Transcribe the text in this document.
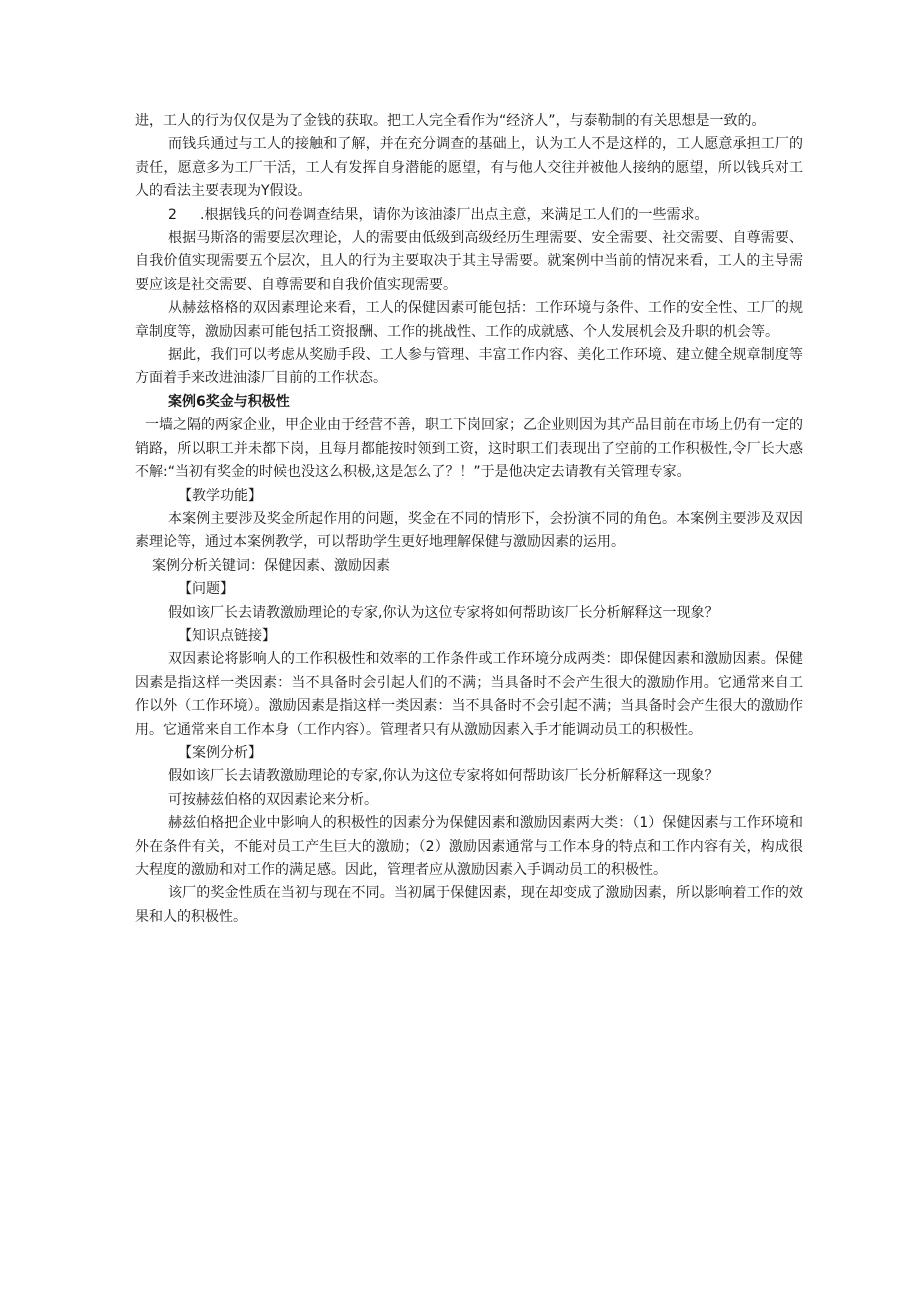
进，工人的行为仅仅是为了金钱的获取。把工人完全看作为“经济人”，与泰勒制的有关思想是一致的。

而钱兵通过与工人的接触和了解，并在充分调查的基础上，认为工人不是这样的，工人愿意承担工厂的责任，愿意多为工厂干活，工人有发挥自身潜能的愿望，有与他人交往并被他人接纳的愿望，所以钱兵对工人的看法主要表现为Y假设。

2 .根据钱兵的问卷调查结果，请你为该油漆厂出点主意，来满足工人们的一些需求。

根据马斯洛的需要层次理论，人的需要由低级到高级经历生理需要、安全需要、社交需要、自尊需要、自我价值实现需要五个层次，且人的行为主要取决于其主导需要。就案例中当前的情况来看，工人的主导需要应该是社交需要、自尊需要和自我价值实现需要。

从赫兹格格的双因素理论来看，工人的保健因素可能包括：工作环境与条件、工作的安全性、工厂的规章制度等，激励因素可能包括工资报酬、工作的挑战性、工作的成就感、个人发展机会及升职的机会等。

据此，我们可以考虑从奖励手段、工人参与管理、丰富工作内容、美化工作环境、建立健全规章制度等方面着手来改进油漆厂目前的工作状态。

案例6奖金与积极性

一墙之隔的两家企业，甲企业由于经营不善，职工下岗回家；乙企业则因为其产品目前在市场上仍有一定的销路，所以职工并未都下岗，且每月都能按时领到工资，这时职工们表现出了空前的工作积极性,令厂长大惑不解:“当初有奖金的时候也没这么积极,这是怎么了？！”于是他决定去请教有关管理专家。

【教学功能】

本案例主要涉及奖金所起作用的问题，奖金在不同的情形下，会扮演不同的角色。本案例主要涉及双因素理论等，通过本案例教学，可以帮助学生更好地理解保健与激励因素的运用。

案例分析关键词：保健因素、激励因素

【问题】

假如该厂长去请教激励理论的专家,你认为这位专家将如何帮助该厂长分析解释这一现象？

【知识点链接】

双因素论将影响人的工作积极性和效率的工作条件或工作环境分成两类：即保健因素和激励因素。保健因素是指这样一类因素：当不具备时会引起人们的不满；当具备时不会产生很大的激励作用。它通常来自工作以外（工作环境）。激励因素是指这样一类因素：当不具备时不会引起不满；当具备时会产生很大的激励作用。它通常来自工作本身（工作内容）。管理者只有从激励因素入手才能调动员工的积极性。

【案例分析】

假如该厂长去请教激励理论的专家,你认为这位专家将如何帮助该厂长分析解释这一现象？

可按赫兹伯格的双因素论来分析。

赫兹伯格把企业中影响人的积极性的因素分为保健因素和激励因素两大类：（1）保健因素与工作环境和外在条件有关，不能对员工产生巨大的激励；（2）激励因素通常与工作本身的特点和工作内容有关，构成很大程度的激励和对工作的满足感。因此，管理者应从激励因素入手调动员工的积极性。

该厂的奖金性质在当初与现在不同。当初属于保健因素，现在却变成了激励因素，所以影响着工作的效果和人的积极性。
